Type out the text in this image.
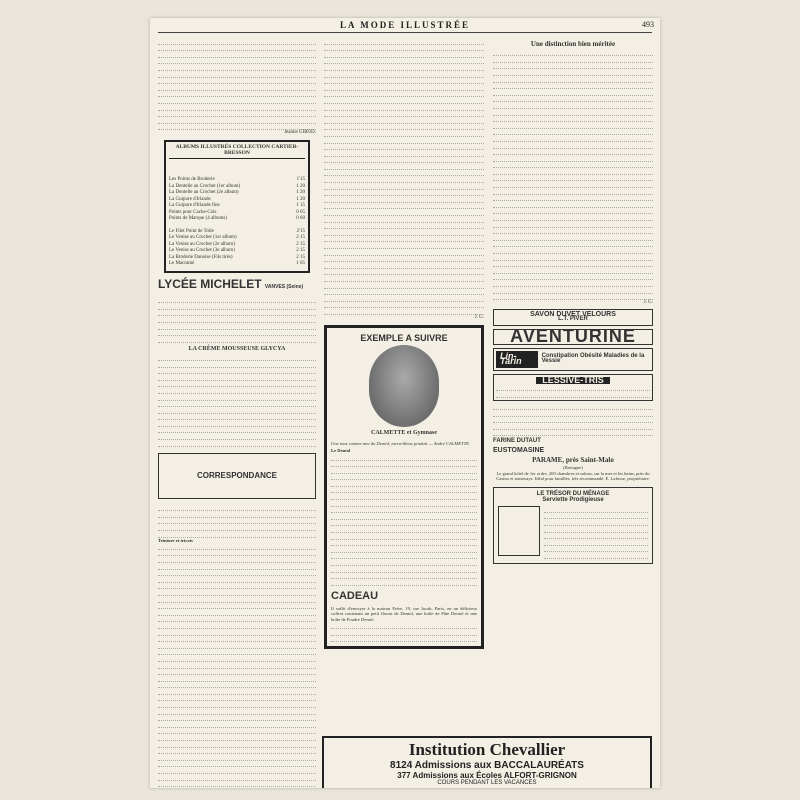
LA MODE ILLUSTRÉE	493
Jeanne GIROD.
ALBUMS ILLUSTRÉS COLLECTION CARTIER-BRESSON
Les Points de Broderie	1'15
La Dentelle au Crochet (1er album)	1 20
La Dentelle au Crochet (2e album)	1 20
La Guipure d'Irlande	1 20
La Guipure d'Irlande fine	1 15
Points pour Cache-Cols	0 65
Points de Marque (4 albums)	0 60
Le Filet Point de Toile	2'15
Le Venise au Crochet (1er album)	2 15
La Venise au Crochet (2e album)	2 15
Le Venise au Crochet (3e album)	2 15
La Broderie Danoise (Fils tirés)	2 15
Le Macramé	1 05
LYCÉE MICHELET VANVES (Seine)
LA CRÈME MOUSSEUSE GLYCYA
CORRESPONDANCE
Teinture et tricots
J. G.
EXEMPLE A SUIVRE
CALMETTE et Gymnase
Une tous comme moi du Dentol, merveilleux produit — André CALMETTE.
Le Dentol
CADEAU
Il suffit d'envoyer à la maison Frère, 19, rue Jacob, Paris, en un délicieux coffret contenant un petit flacon de Dentol, une boîte de Pâte Dentol et une boîte de Poudre Dentol.
Une distinction bien méritée
J. G.
SAVON DUVET VELOURS
L.T. PIVER
AVENTURINE
Lin-Tarin
Constipation Obésité Maladies de la Vessie
LESSIVE-TRIS
FARINE DUTAUT
EUSTOMASINE
PARAME, près Saint-Malo
(Bretagne)
Le grand hôtel de 1er ordre, 200 chambres et salons, sur la mer et les bains, près du Casino et tramways. Idéal pour familles, très recommandé. E. Lafosse, propriétaire.
LE TRÉSOR DU MÉNAGE
Serviette Prodigieuse
Institution Chevallier
8124 Admissions aux BACCALAURÉATS
377 Admissions aux Écoles ALFORT-GRIGNON
COURS PENDANT LES VACANCES
